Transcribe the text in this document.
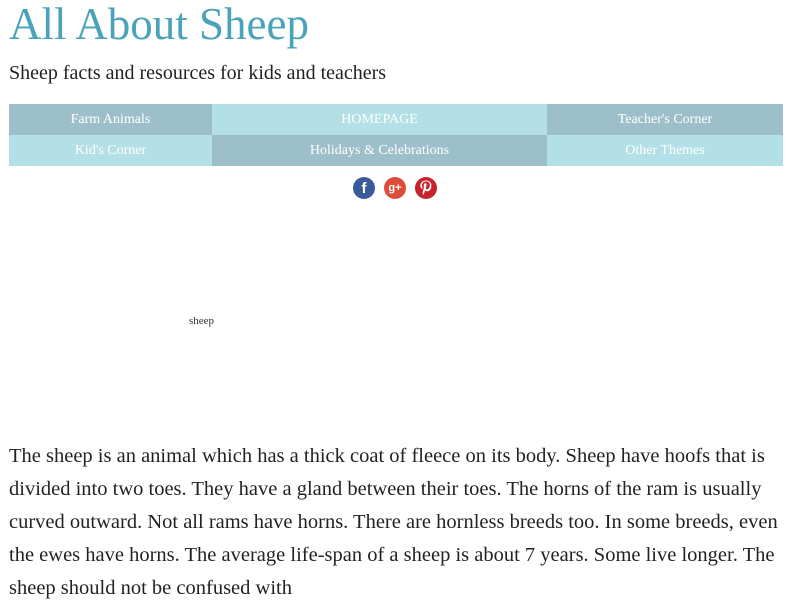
All About Sheep

Sheep facts and resources for kids and teachers

Farm Animals	HOMEPAGE	Teacher's Corner
Kid's Corner	Holidays & Celebrations	Other Themes
f g+
sheep

The sheep is an animal which has a thick coat of fleece on its body. Sheep have hoofs that is divided into two toes. They have a gland between their toes. The horns of the ram is usually curved outward. Not all rams have horns. There are hornless breeds too. In some breeds, even the ewes have horns. The average life-span of a sheep is about 7 years. Some live longer. The sheep should not be confused with
